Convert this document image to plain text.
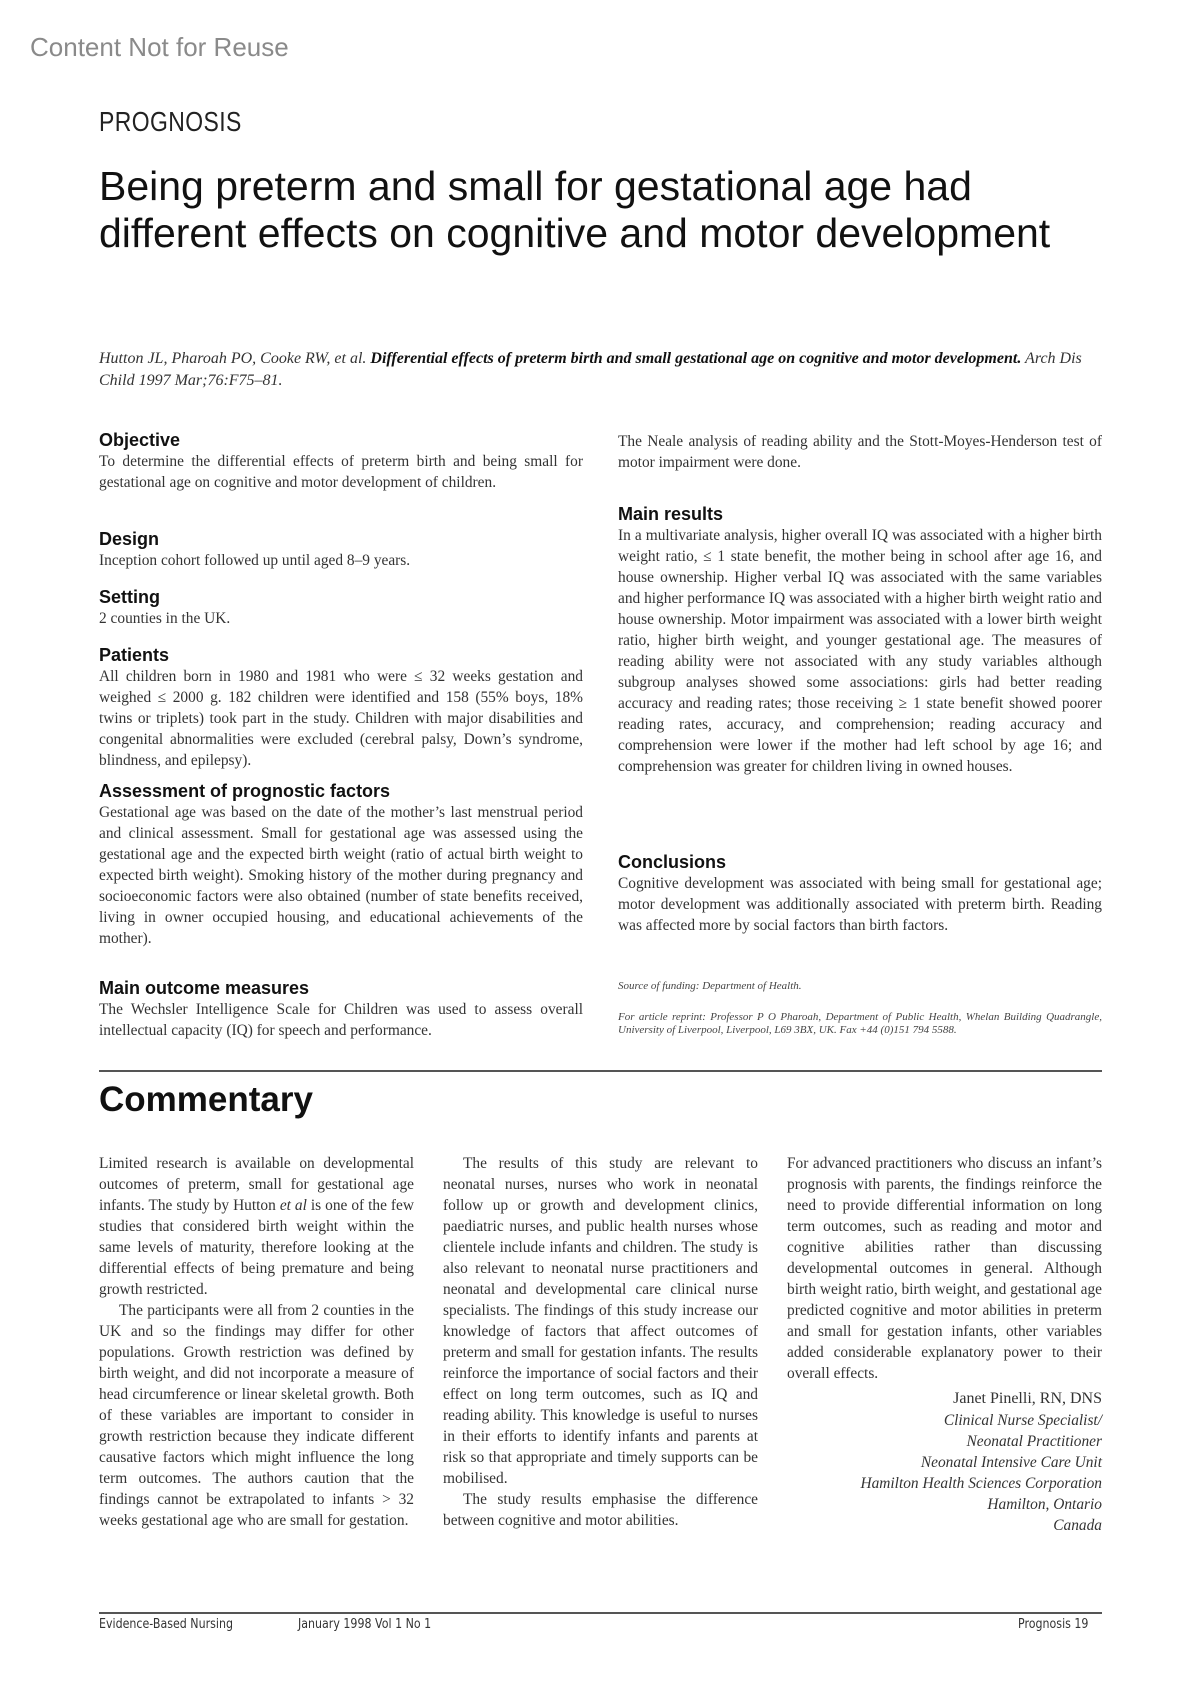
Content Not for Reuse
PROGNOSIS
Being preterm and small for gestational age had different effects on cognitive and motor development
Hutton JL, Pharoah PO, Cooke RW, et al. Differential effects of preterm birth and small gestational age on cognitive and motor development. Arch Dis Child 1997 Mar;76:F75–81.
Objective

To determine the differential effects of preterm birth and being small for gestational age on cognitive and motor development of children.

Design

Inception cohort followed up until aged 8–9 years.

Setting

2 counties in the UK.

Patients

All children born in 1980 and 1981 who were ≤ 32 weeks gestation and weighed ≤ 2000 g. 182 children were identified and 158 (55% boys, 18% twins or triplets) took part in the study. Children with major disabilities and congenital abnormalities were excluded (cerebral palsy, Down’s syndrome, blindness, and epilepsy).

Assessment of prognostic factors

Gestational age was based on the date of the mother’s last menstrual period and clinical assessment. Small for gestational age was assessed using the gestational age and the expected birth weight (ratio of actual birth weight to expected birth weight). Smoking history of the mother during pregnancy and socioeconomic factors were also obtained (number of state benefits received, living in owner occupied housing, and educational achievements of the mother).

Main outcome measures

The Wechsler Intelligence Scale for Children was used to assess overall intellectual capacity (IQ) for speech and performance.

The Neale analysis of reading ability and the Stott-Moyes-Henderson test of motor impairment were done.

Main results

In a multivariate analysis, higher overall IQ was associated with a higher birth weight ratio, ≤ 1 state benefit, the mother being in school after age 16, and house ownership. Higher verbal IQ was associated with the same variables and higher performance IQ was associated with a higher birth weight ratio and house ownership. Motor impairment was associated with a lower birth weight ratio, higher birth weight, and younger gestational age. The measures of reading ability were not associated with any study variables although subgroup analyses showed some associations: girls had better reading accuracy and reading rates; those receiving ≥ 1 state benefit showed poorer reading rates, accuracy, and comprehension; reading accuracy and comprehension were lower if the mother had left school by age 16; and comprehension was greater for children living in owned houses.

Conclusions

Cognitive development was associated with being small for gestational age; motor development was additionally associated with preterm birth. Reading was affected more by social factors than birth factors.

Source of funding: Department of Health.
For article reprint: Professor P O Pharoah, Department of Public Health, Whelan Building Quadrangle, University of Liverpool, Liverpool, L69 3BX, UK. Fax +44 (0)151 794 5588.
Commentary

Limited research is available on developmental outcomes of preterm, small for gestational age infants. The study by Hutton et al is one of the few studies that considered birth weight within the same levels of maturity, therefore looking at the differential effects of being premature and being growth restricted.

The participants were all from 2 counties in the UK and so the findings may differ for other populations. Growth restriction was defined by birth weight, and did not incorporate a measure of head circumference or linear skeletal growth. Both of these variables are important to consider in growth restriction because they indicate different causative factors which might influence the long term outcomes. The authors caution that the findings cannot be extrapolated to infants > 32 weeks gestational age who are small for gestation.

The results of this study are relevant to neonatal nurses, nurses who work in neonatal follow up or growth and development clinics, paediatric nurses, and public health nurses whose clientele include infants and children. The study is also relevant to neonatal nurse practitioners and neonatal and developmental care clinical nurse specialists. The findings of this study increase our knowledge of factors that affect outcomes of preterm and small for gestation infants. The results reinforce the importance of social factors and their effect on long term outcomes, such as IQ and reading ability. This knowledge is useful to nurses in their efforts to identify infants and parents at risk so that appropriate and timely supports can be mobilised.

The study results emphasise the difference between cognitive and motor abilities.

For advanced practitioners who discuss an infant’s prognosis with parents, the findings reinforce the need to provide differential information on long term outcomes, such as reading and motor and cognitive abilities rather than discussing developmental outcomes in general. Although birth weight ratio, birth weight, and gestational age predicted cognitive and motor abilities in preterm and small for gestation infants, other variables added considerable explanatory power to their overall effects.

Janet Pinelli, RN, DNS
Clinical Nurse Specialist/
Neonatal Practitioner
Neonatal Intensive Care Unit
Hamilton Health Sciences Corporation
Hamilton, Ontario
Canada
Evidence-Based Nursing	January 1998 Vol 1 No 1	Prognosis 19
